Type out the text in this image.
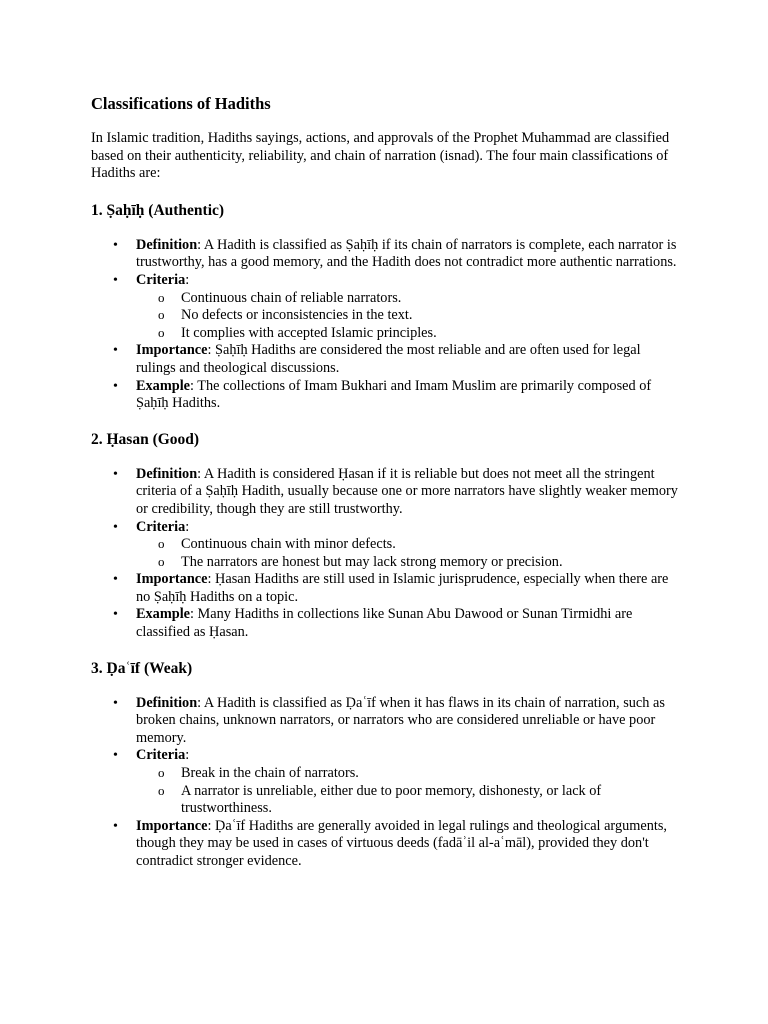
Classifications of Hadiths

In Islamic tradition, Hadiths sayings, actions, and approvals of the Prophet Muhammad are classified based on their authenticity, reliability, and chain of narration (isnad). The four main classifications of Hadiths are:

1. Ṣaḥīḥ (Authentic)
• Definition: A Hadith is classified as Ṣaḥīḥ if its chain of narrators is complete, each narrator is trustworthy, has a good memory, and the Hadith does not contradict more authentic narrations.
• Criteria:
o Continuous chain of reliable narrators.
o No defects or inconsistencies in the text.
o It complies with accepted Islamic principles.
• Importance: Ṣaḥīḥ Hadiths are considered the most reliable and are often used for legal rulings and theological discussions.
• Example: The collections of Imam Bukhari and Imam Muslim are primarily composed of Ṣaḥīḥ Hadiths.
2. Ḥasan (Good)
• Definition: A Hadith is considered Ḥasan if it is reliable but does not meet all the stringent criteria of a Ṣaḥīḥ Hadith, usually because one or more narrators have slightly weaker memory or credibility, though they are still trustworthy.
• Criteria:
o Continuous chain with minor defects.
o The narrators are honest but may lack strong memory or precision.
• Importance: Ḥasan Hadiths are still used in Islamic jurisprudence, especially when there are no Ṣaḥīḥ Hadiths on a topic.
• Example: Many Hadiths in collections like Sunan Abu Dawood or Sunan Tirmidhi are classified as Ḥasan.
3. Ḍaʿīf (Weak)
• Definition: A Hadith is classified as Ḍaʿīf when it has flaws in its chain of narration, such as broken chains, unknown narrators, or narrators who are considered unreliable or have poor memory.
• Criteria:
o Break in the chain of narrators.
o A narrator is unreliable, either due to poor memory, dishonesty, or lack of trustworthiness.
• Importance: Ḍaʿīf Hadiths are generally avoided in legal rulings and theological arguments, though they may be used in cases of virtuous deeds (fadāʾil al-aʿmāl), provided they don't contradict stronger evidence.
